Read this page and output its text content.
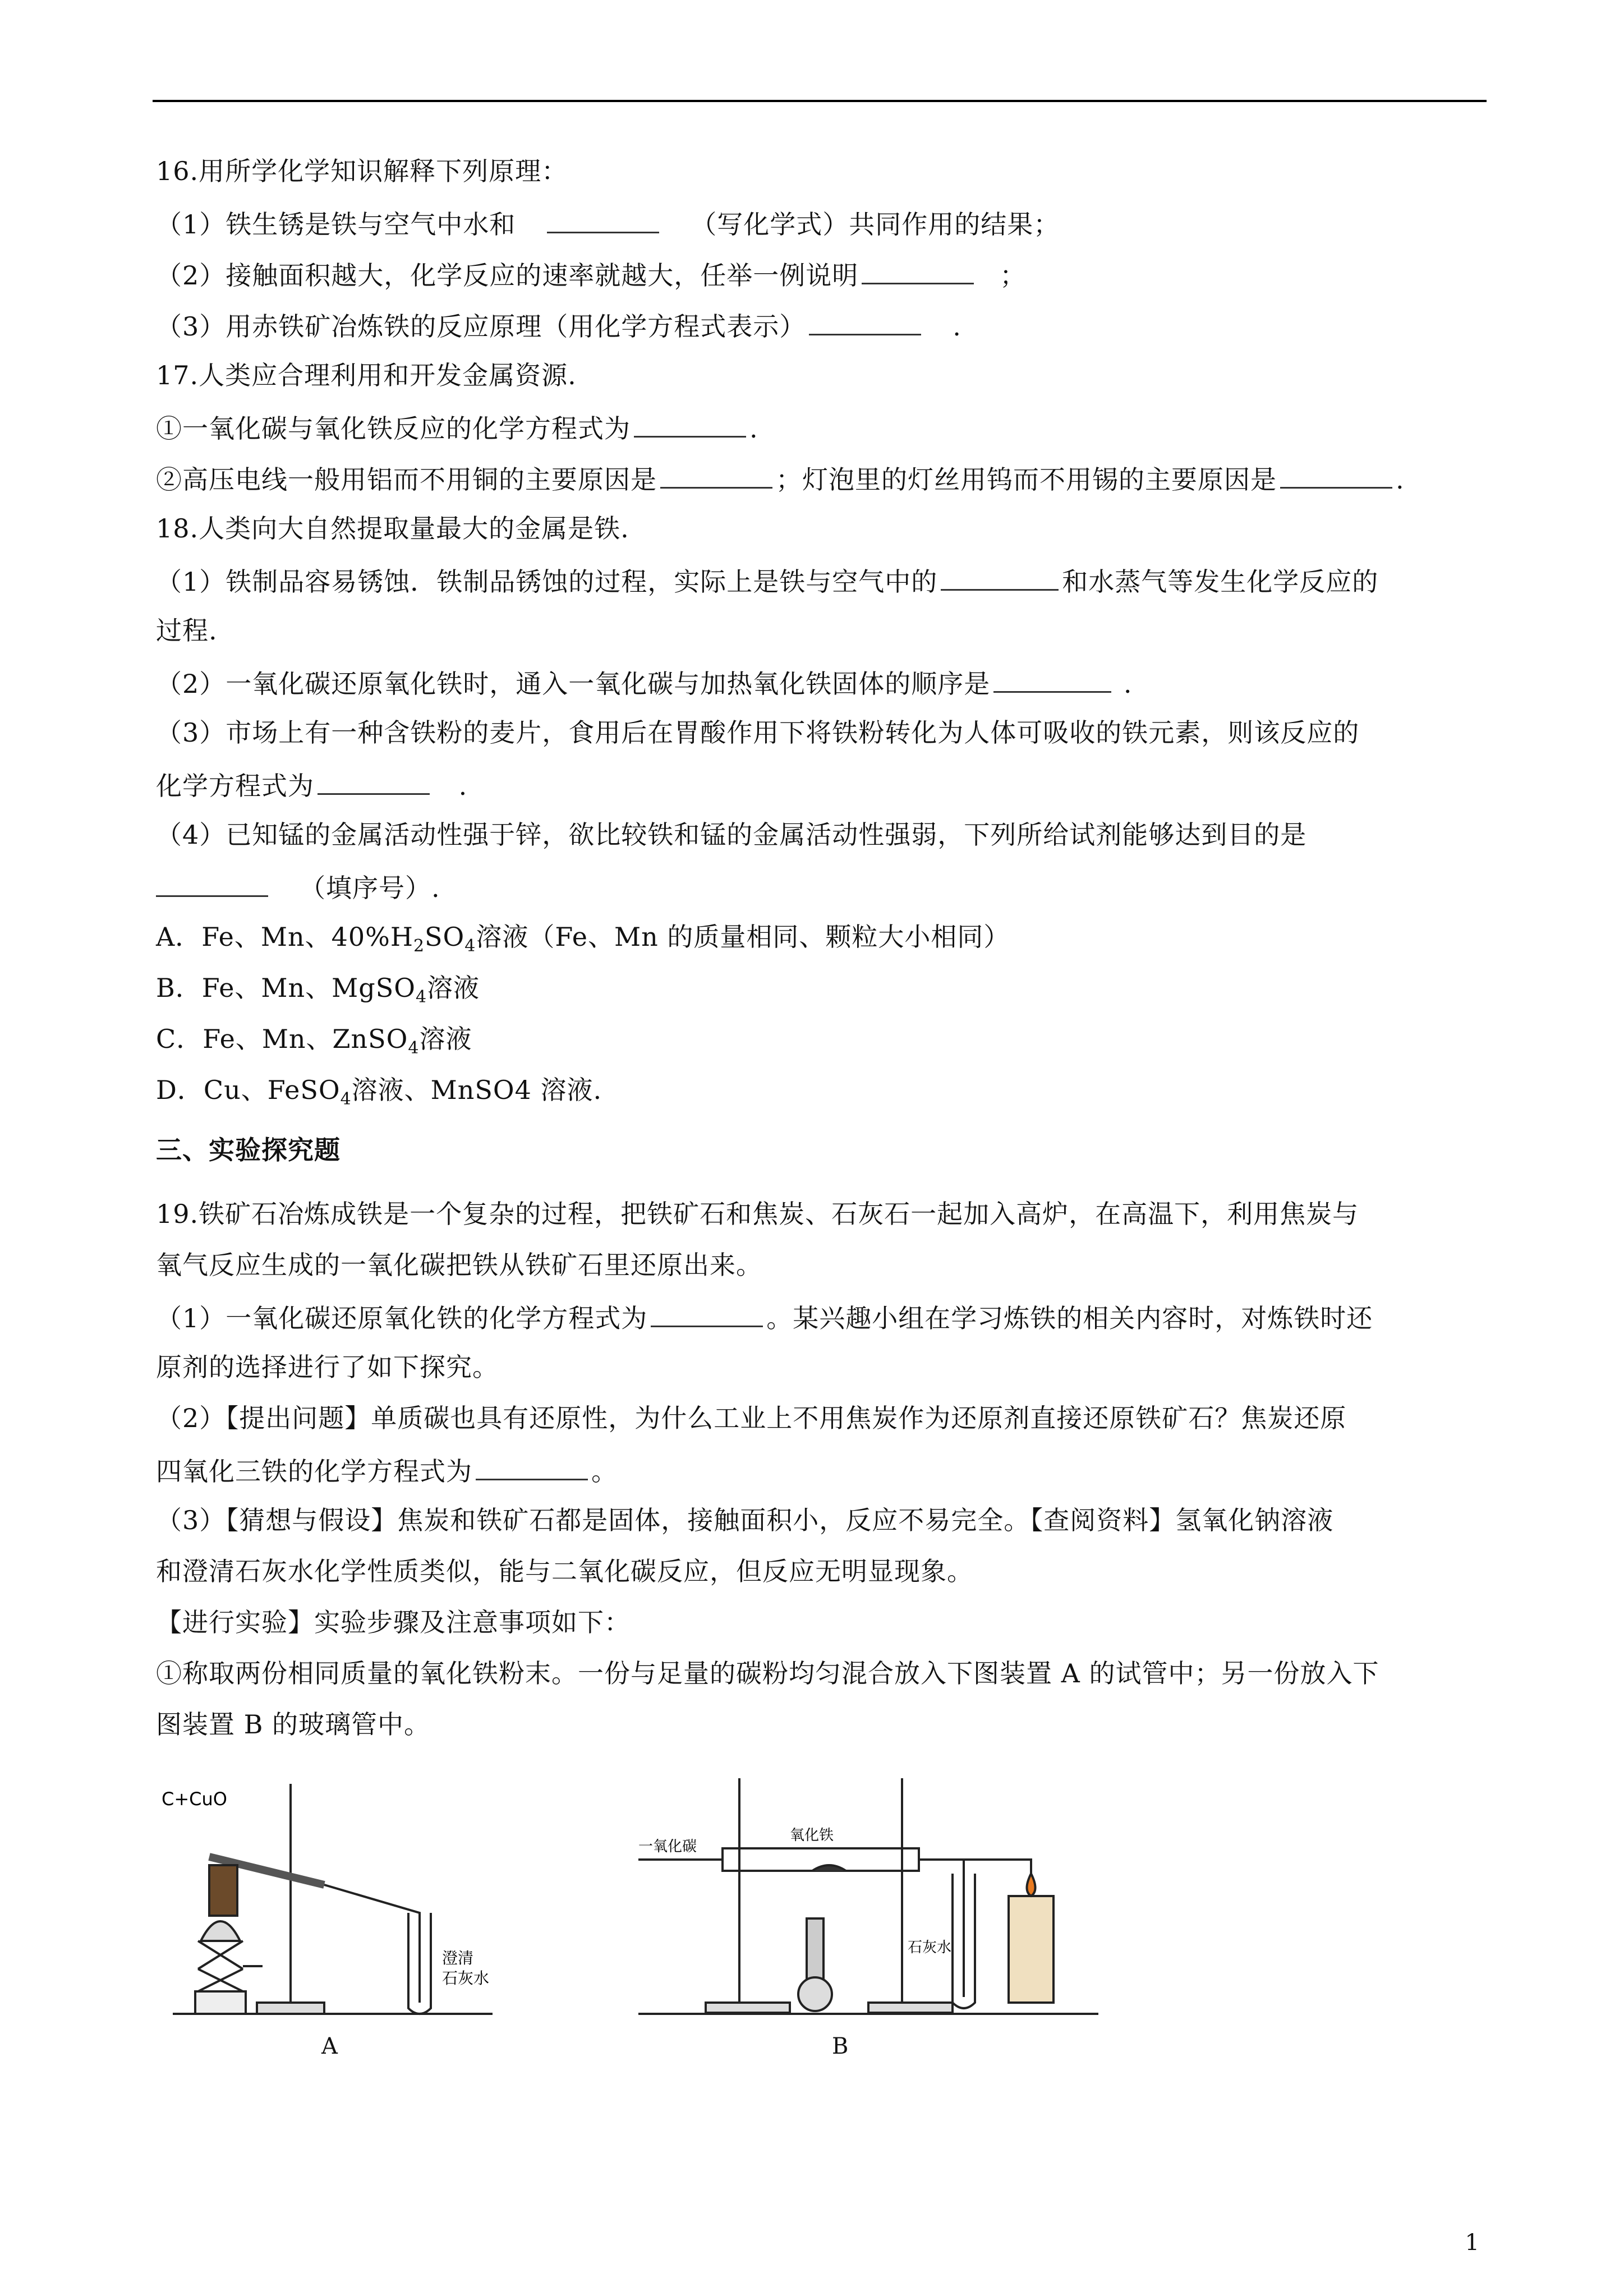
16.用所学化学知识解释下列原理：
（1）铁生锈是铁与空气中水和	（写化学式）共同作用的结果；
（2）接触面积越大，化学反应的速率就越大，任举一例说明	；
（3）用赤铁矿冶炼铁的反应原理（用化学方程式表示）	.
17.人类应合理利用和开发金属资源.
①一氧化碳与氧化铁反应的化学方程式为	.
②高压电线一般用铝而不用铜的主要原因是	；灯泡里的灯丝用钨而不用锡的主要原因是	.
18.人类向大自然提取量最大的金属是铁.
（1）铁制品容易锈蚀．铁制品锈蚀的过程，实际上是铁与空气中的	和水蒸气等发生化学反应的
过程.
（2）一氧化碳还原氧化铁时，通入一氧化碳与加热氧化铁固体的顺序是	.
（3）市场上有一种含铁粉的麦片，食用后在胃酸作用下将铁粉转化为人体可吸收的铁元素，则该反应的
化学方程式为	.
（4）已知锰的金属活动性强于锌，欲比较铁和锰的金属活动性强弱，下列所给试剂能够达到目的是
（填序号）.
A．Fe、Mn、$40\%H_2SO_4$溶液（Fe、Mn 的质量相同、颗粒大小相同）
B．Fe、Mn、MgSO$_4$溶液
C．Fe、Mn、ZnSO$_4$溶液
D．Cu、FeSO$_4$溶液、MnSO4 溶液.
三、实验探究题
19.铁矿石冶炼成铁是一个复杂的过程，把铁矿石和焦炭、石灰石一起加入高炉，在高温下，利用焦炭与
氧气反应生成的一氧化碳把铁从铁矿石里还原出来。
（1）一氧化碳还原氧化铁的化学方程式为	。某兴趣小组在学习炼铁的相关内容时，对炼铁时还
原剂的选择进行了如下探究。
（2）【提出问题】单质碳也具有还原性，为什么工业上不用焦炭作为还原剂直接还原铁矿石？焦炭还原
四氧化三铁的化学方程式为	。
（3）【猜想与假设】焦炭和铁矿石都是固体，接触面积小，反应不易完全。【查阅资料】氢氧化钠溶液
和澄清石灰水化学性质类似，能与二氧化碳反应，但反应无明显现象。
【进行实验】实验步骤及注意事项如下：
①称取两份相同质量的氧化铁粉末。一份与足量的碳粉均匀混合放入下图装置 A 的试管中；另一份放入下
图装置 B 的玻璃管中。
C+CuO
澄清
石灰水
A
一氧化碳
氧化铁
石灰水
B
1
